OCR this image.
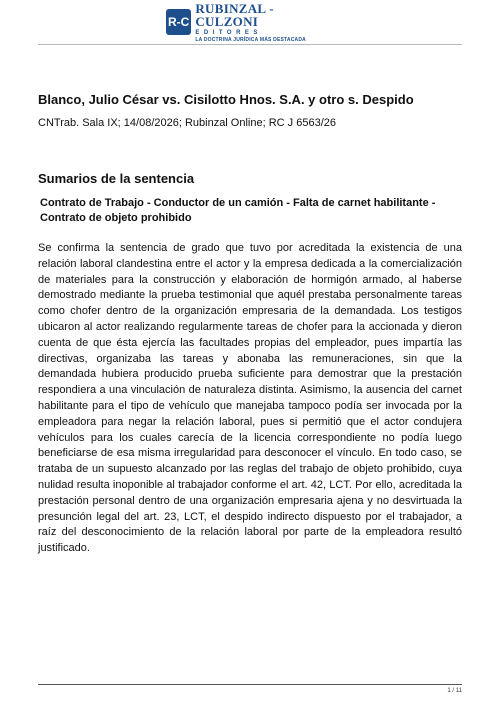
R-C
RUBINZAL - CULZONI
EDITORES
LA DOCTRINA JURÍDICA MÁS DESTACADA
Blanco, Julio César vs. Cisilotto Hnos. S.A. y otro s. Despido
CNTrab. Sala IX; 14/08/2026; Rubinzal Online; RC J 6563/26
Sumarios de la sentencia
Contrato de Trabajo - Conductor de un camión - Falta de carnet habilitante - Contrato de objeto prohibido
Se confirma la sentencia de grado que tuvo por acreditada la existencia de una relación laboral clandestina entre el actor y la empresa dedicada a la comercialización de materiales para la construcción y elaboración de hormigón armado, al haberse demostrado mediante la prueba testimonial que aquél prestaba personalmente tareas como chofer dentro de la organización empresaria de la demandada. Los testigos ubicaron al actor realizando regularmente tareas de chofer para la accionada y dieron cuenta de que ésta ejercía las facultades propias del empleador, pues impartía las directivas, organizaba las tareas y abonaba las remuneraciones, sin que la demandada hubiera producido prueba suficiente para demostrar que la prestación respondiera a una vinculación de naturaleza distinta. Asimismo, la ausencia del carnet habilitante para el tipo de vehículo que manejaba tampoco podía ser invocada por la empleadora para negar la relación laboral, pues si permitió que el actor condujera vehículos para los cuales carecía de la licencia correspondiente no podía luego beneficiarse de esa misma irregularidad para desconocer el vínculo. En todo caso, se trataba de un supuesto alcanzado por las reglas del trabajo de objeto prohibido, cuya nulidad resulta inoponible al trabajador conforme el art. 42, LCT. Por ello, acreditada la prestación personal dentro de una organización empresaria ajena y no desvirtuada la presunción legal del art. 23, LCT, el despido indirecto dispuesto por el trabajador, a raíz del desconocimiento de la relación laboral por parte de la empleadora resultó justificado.
1 / 11
